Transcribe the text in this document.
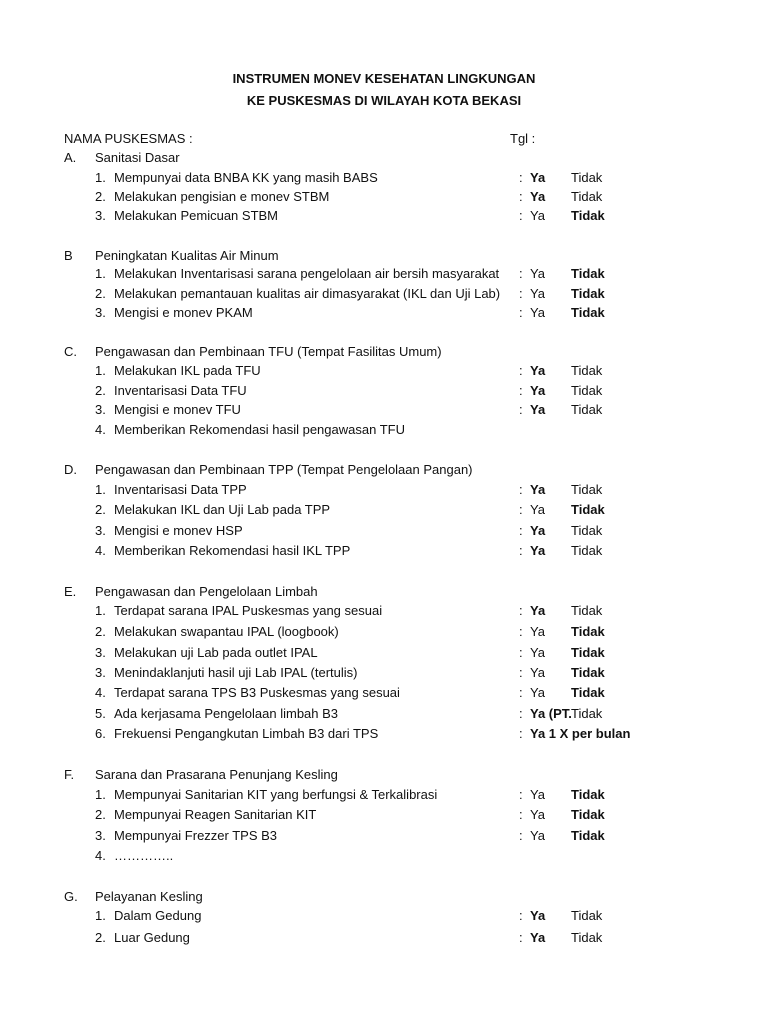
INSTRUMEN MONEV KESEHATAN LINGKUNGAN
KE PUSKESMAS DI WILAYAH KOTA BEKASI
NAMA PUSKESMAS :	Tgl :
A. Sanitasi Dasar
1. Mempunyai data BNBA KK yang masih BABS	: Ya Tidak
2. Melakukan pengisian e monev STBM	: Ya Tidak
3. Melakukan Pemicuan STBM	: Ya Tidak
B Peningkatan Kualitas Air Minum
1. Melakukan Inventarisasi sarana pengelolaan air bersih masyarakat : Ya Tidak
2. Melakukan pemantauan kualitas air dimasyarakat (IKL dan Uji Lab) : Ya Tidak
3. Mengisi e monev PKAM	: Ya Tidak
C. Pengawasan dan Pembinaan TFU (Tempat Fasilitas Umum)
1. Melakukan IKL pada TFU	: Ya Tidak
2. Inventarisasi Data TFU	: Ya Tidak
3. Mengisi e monev TFU	: Ya Tidak
4. Memberikan Rekomendasi hasil pengawasan TFU
D. Pengawasan dan Pembinaan TPP (Tempat Pengelolaan Pangan)
1. Inventarisasi Data TPP	: Ya Tidak
2. Melakukan IKL dan Uji Lab pada TPP	: Ya Tidak
3. Mengisi e monev HSP	: Ya Tidak
4. Memberikan Rekomendasi hasil IKL TPP	: Ya Tidak
E. Pengawasan dan Pengelolaan Limbah
1. Terdapat sarana IPAL Puskesmas yang sesuai	: Ya Tidak
2. Melakukan swapantau IPAL (loogbook)	: Ya Tidak
3. Melakukan uji Lab pada outlet IPAL	: Ya Tidak
3. Menindaklanjuti hasil uji Lab IPAL (tertulis)	: Ya Tidak
4. Terdapat sarana TPS B3 Puskesmas yang sesuai	: Ya Tidak
5. Ada kerjasama Pengelolaan limbah B3	: Ya (PT. Tidak
6. Frekuensi Pengangkutan Limbah B3 dari TPS	: Ya 1 X per bulan
F. Sarana dan Prasarana Penunjang Kesling
1. Mempunyai Sanitarian KIT yang berfungsi & Terkalibrasi	: Ya Tidak
2. Mempunyai Reagen Sanitarian KIT	: Ya Tidak
3. Mempunyai Frezzer TPS B3	: Ya Tidak
4. …………..
G. Pelayanan Kesling
1. Dalam Gedung	: Ya Tidak
2. Luar Gedung	: Ya Tidak
